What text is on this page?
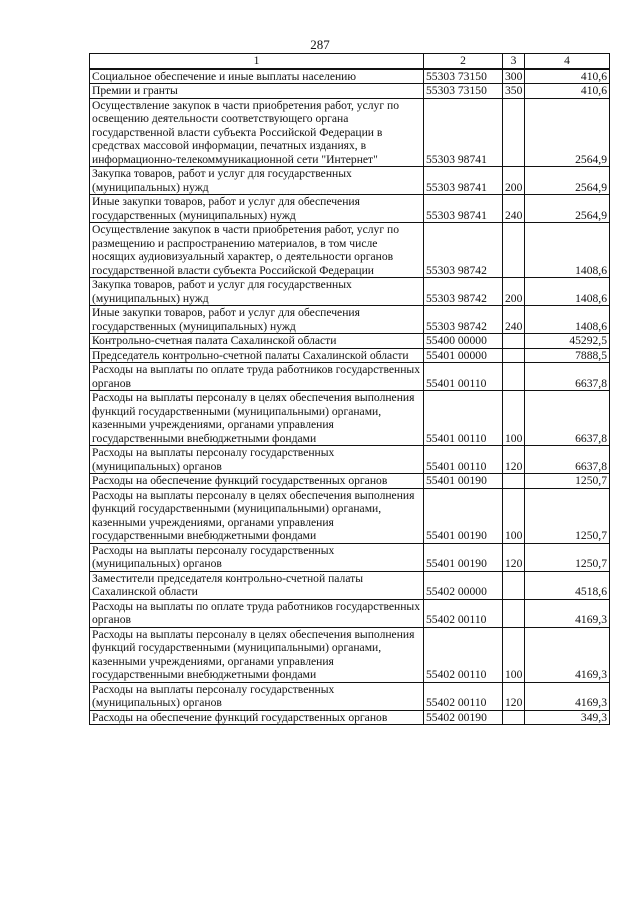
287
1	2	3	4
Социальное обеспечение и иные выплаты населению	55303 73150	300	410,6
Премии и гранты	55303 73150	350	410,6
Осуществление закупок в части приобретения работ, услуг по освещению деятельности соответствующего органа государственной власти субъекта Российской Федерации в средствах массовой информации, печатных изданиях, в информационно-телекоммуникационной сети "Интернет"	55303 98741		2564,9
Закупка товаров, работ и услуг для государственных (муниципальных) нужд	55303 98741	200	2564,9
Иные закупки товаров, работ и услуг для обеспечения государственных (муниципальных) нужд	55303 98741	240	2564,9
Осуществление закупок в части приобретения работ, услуг по размещению и распространению материалов, в том числе носящих аудиовизуальный характер, о деятельности органов государственной власти субъекта Российской Федерации	55303 98742		1408,6
Закупка товаров, работ и услуг для государственных (муниципальных) нужд	55303 98742	200	1408,6
Иные закупки товаров, работ и услуг для обеспечения государственных (муниципальных) нужд	55303 98742	240	1408,6
Контрольно-счетная палата Сахалинской области	55400 00000		45292,5
Председатель контрольно-счетной палаты Сахалинской области	55401 00000		7888,5
Расходы на выплаты по оплате труда работников государственных органов	55401 00110		6637,8
Расходы на выплаты персоналу в целях обеспечения выполнения функций государственными (муниципальными) органами, казенными учреждениями, органами управления государственными внебюджетными фондами	55401 00110	100	6637,8
Расходы на выплаты персоналу государственных (муниципальных) органов	55401 00110	120	6637,8
Расходы на обеспечение функций государственных органов	55401 00190		1250,7
Расходы на выплаты персоналу в целях обеспечения выполнения функций государственными (муниципальными) органами, казенными учреждениями, органами управления государственными внебюджетными фондами	55401 00190	100	1250,7
Расходы на выплаты персоналу государственных (муниципальных) органов	55401 00190	120	1250,7
Заместители председателя контрольно-счетной палаты Сахалинской области	55402 00000		4518,6
Расходы на выплаты по оплате труда работников государственных органов	55402 00110		4169,3
Расходы на выплаты персоналу в целях обеспечения выполнения функций государственными (муниципальными) органами, казенными учреждениями, органами управления государственными внебюджетными фондами	55402 00110	100	4169,3
Расходы на выплаты персоналу государственных (муниципальных) органов	55402 00110	120	4169,3
Расходы на обеспечение функций государственных органов	55402 00190		349,3
